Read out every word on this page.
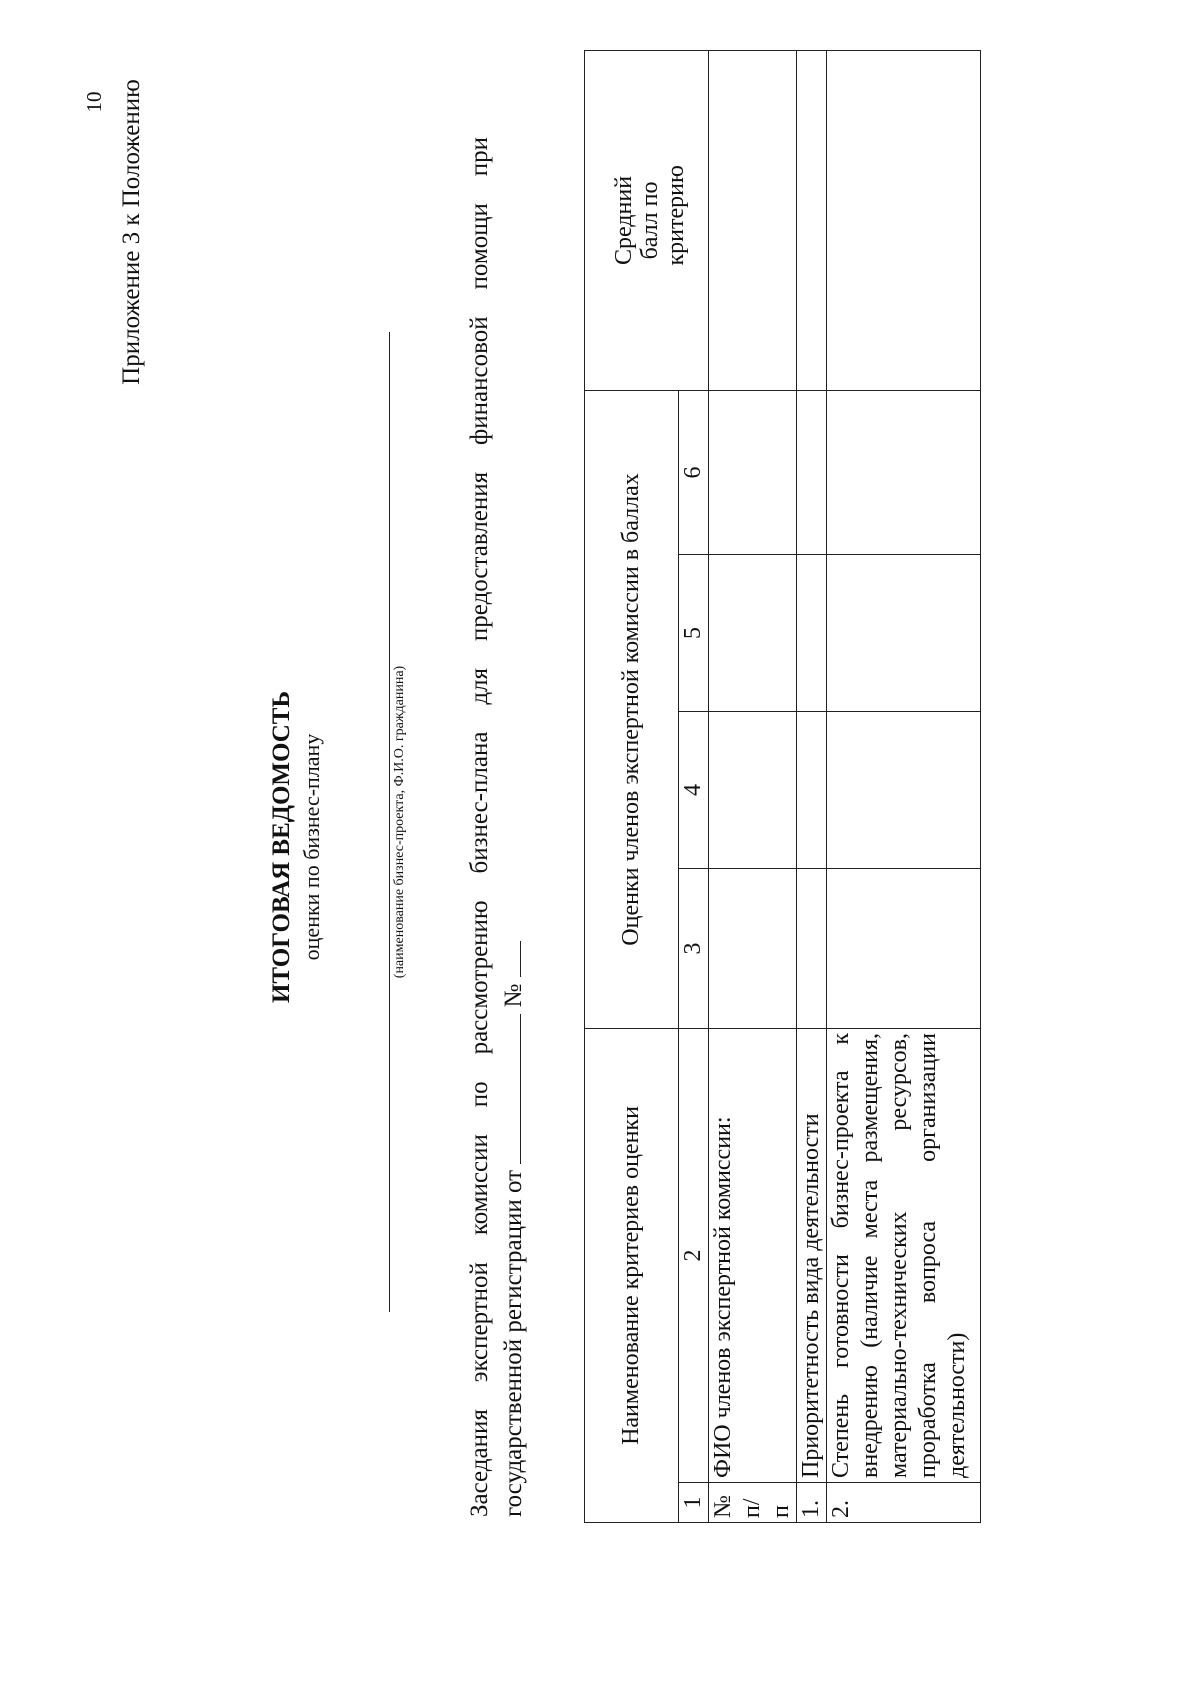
10 Приложение 3 к Положению
ИТОГОВАЯ ВЕДОМОСТЬ оценки по бизнес-плану	(наименование бизнес-проекта, Ф.И.О. гражданина) Заседания экспертной комиссии по рассмотрению бизнес-плана для предоставления финансовой помощи при государственной регистрации от  №
Наименование критериев оценки		Оценки членов экспертной комиссии в баллах				Средний балл по критерию

1	2	3	4	5	6	
№ п/п	ФИО членов экспертной комиссии:					
1.	Приоритетность вида деятельности					
2.	Степень готовности бизнес-проекта к внедрению (наличие места размещения, материально-технических ресурсов, проработка вопроса организации деятельности)					
